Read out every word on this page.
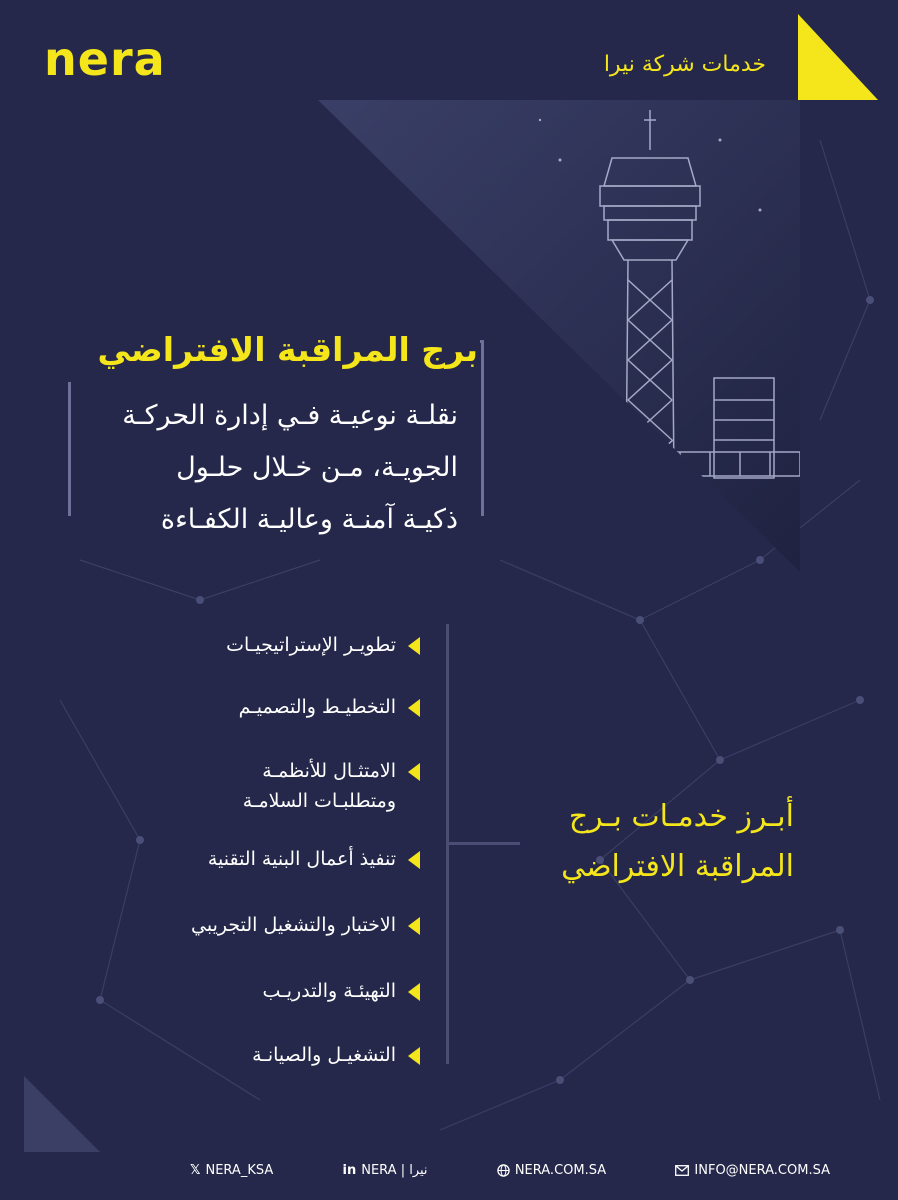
nera	خدمات شركة نيرا
برج المراقبة الافتراضي
نقلـة نوعيـة فـي إدارة الحركـة
الجويـة، مـن خـلال حلـول
ذكيـة آمنـة وعاليـة الكفـاءة
تطويـر الإستراتيجيـات
التخطيـط والتصميـم
الامتثـال للأنظمـة
ومتطلبـات السلامـة
تنفيذ أعمال البنية التقنية
الاختبار والتشغيل التجريبي
التهيئـة والتدريـب
التشغيـل والصيانـة
أبـرز خدمـات بـرج
المراقبة الافتراضي
𝕏 NERA_KSA	in NERA | نيرا	NERA.COM.SA	INFO@NERA.COM.SA
